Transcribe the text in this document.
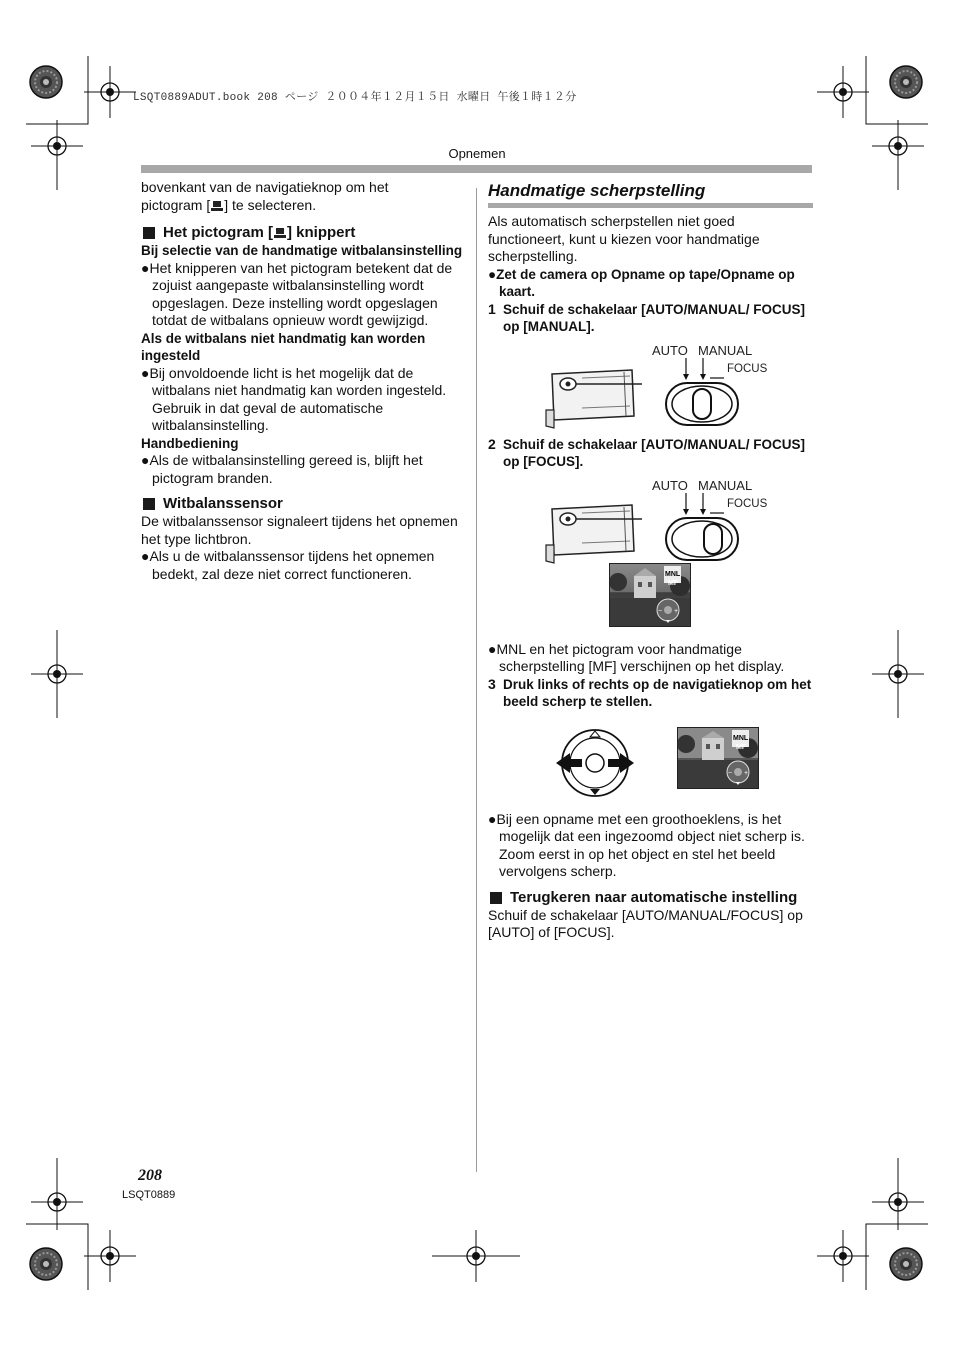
LSQT0889ADUT.book 208 ページ ２００４年１２月１５日 水曜日 午後１時１２分
Opnemen

bovenkant van de navigatieknop om het

pictogram [ ] te selecteren.

Het pictogram [ ] knippert

Bij selectie van de handmatige witbalansinstelling

●Het knipperen van het pictogram betekent dat de zojuist aangepaste witbalansinstelling wordt opgeslagen. Deze instelling wordt opgeslagen totdat de witbalans opnieuw wordt gewijzigd.

Als de witbalans niet handmatig kan worden ingesteld

●Bij onvoldoende licht is het mogelijk dat de witbalans niet handmatig kan worden ingesteld. Gebruik in dat geval de automatische witbalansinstelling.

Handbediening

●Als de witbalansinstelling gereed is, blijft het pictogram branden.

Witbalanssensor

De witbalanssensor signaleert tijdens het opnemen het type lichtbron.

●Als u de witbalanssensor tijdens het opnemen bedekt, zal deze niet correct functioneren.

Handmatige scherpstelling

Als automatisch scherpstellen niet goed functioneert, kunt u kiezen voor handmatige scherpstelling.

●Zet de camera op Opname op tape/Opname op kaart.

1 Schuif de schakelaar [AUTO/MANUAL/ FOCUS] op [MANUAL].
AUTO MANUAL
FOCUS
2 Schuif de schakelaar [AUTO/MANUAL/ FOCUS] op [FOCUS].
AUTO MANUAL
FOCUS
− +
MNL
MF

●MNL en het pictogram voor handmatige scherpstelling [MF] verschijnen op het display.

3 Druk links of rechts op de navigatieknop om het beeld scherp te stellen.
− +
MNL
MF

●Bij een opname met een groothoeklens, is het mogelijk dat een ingezoomd object niet scherp is. Zoom eerst in op het object en stel het beeld vervolgens scherp.

Terugkeren naar automatische instelling

Schuif de schakelaar [AUTO/MANUAL/FOCUS] op [AUTO] of [FOCUS].

208
LSQT0889
